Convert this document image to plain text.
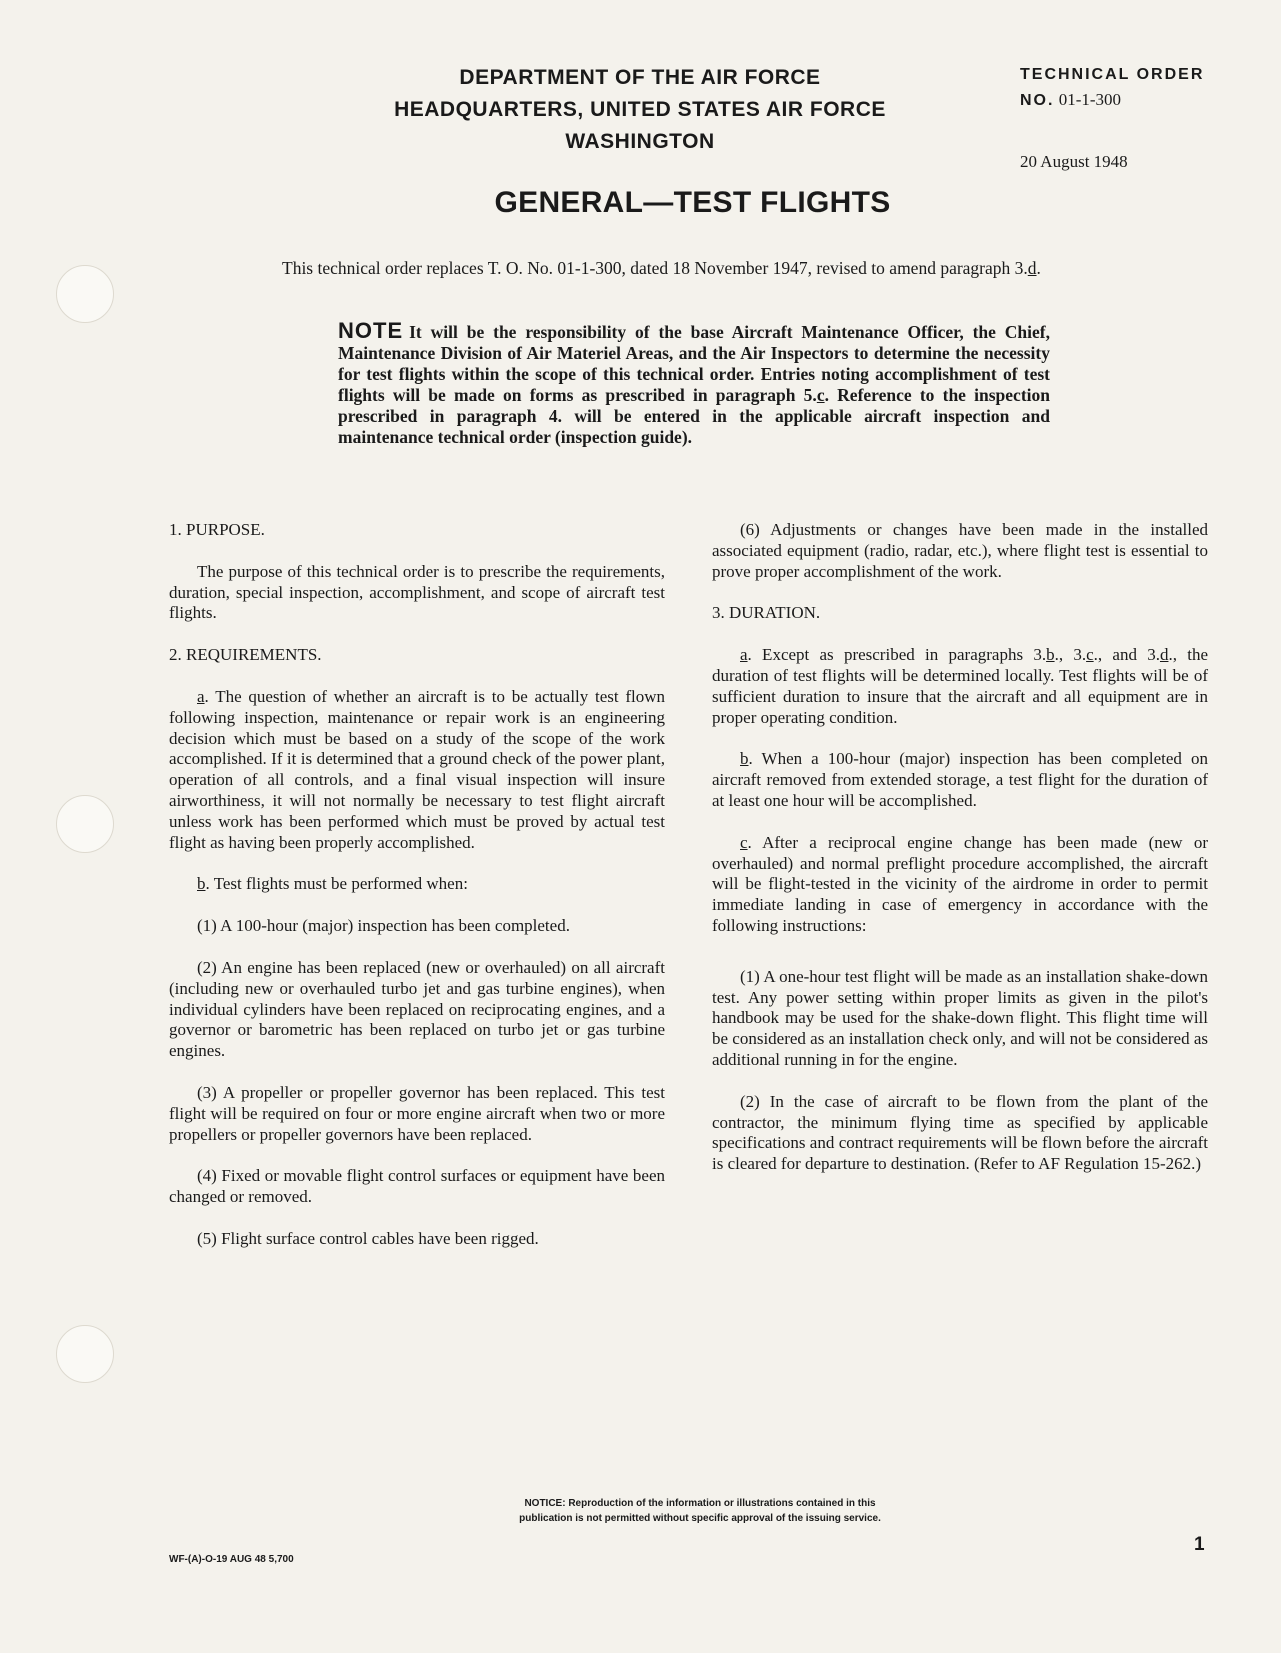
DEPARTMENT OF THE AIR FORCE

HEADQUARTERS, UNITED STATES AIR FORCE

WASHINGTON

TECHNICAL ORDER

NO. 01-1-300

20 August 1948

GENERAL—TEST FLIGHTS

This technical order replaces T. O. No. 01-1-300, dated 18 November 1947, revised to amend paragraph 3.d.

NOTE It will be the responsibility of the base Aircraft Maintenance Officer, the Chief, Maintenance Division of Air Materiel Areas, and the Air Inspectors to determine the necessity for test flights within the scope of this technical order. Entries noting accomplishment of test flights will be made on forms as prescribed in paragraph 5.c. Reference to the inspection prescribed in paragraph 4. will be entered in the applicable aircraft inspection and maintenance technical order (inspection guide).

1. PURPOSE.

The purpose of this technical order is to prescribe the requirements, duration, special inspection, accomplishment, and scope of aircraft test flights.

2. REQUIREMENTS.

a. The question of whether an aircraft is to be actually test flown following inspection, maintenance or repair work is an engineering decision which must be based on a study of the scope of the work accomplished. If it is determined that a ground check of the power plant, operation of all controls, and a final visual inspection will insure airworthiness, it will not normally be necessary to test flight aircraft unless work has been performed which must be proved by actual test flight as having been properly accomplished.

b. Test flights must be performed when:

(1) A 100-hour (major) inspection has been completed.

(2) An engine has been replaced (new or overhauled) on all aircraft (including new or overhauled turbo jet and gas turbine engines), when individual cylinders have been replaced on reciprocating engines, and a governor or barometric has been replaced on turbo jet or gas turbine engines.

(3) A propeller or propeller governor has been replaced. This test flight will be required on four or more engine aircraft when two or more propellers or propeller governors have been replaced.

(4) Fixed or movable flight control surfaces or equipment have been changed or removed.

(5) Flight surface control cables have been rigged.

(6) Adjustments or changes have been made in the installed associated equipment (radio, radar, etc.), where flight test is essential to prove proper accomplishment of the work.

3. DURATION.

a. Except as prescribed in paragraphs 3.b., 3.c., and 3.d., the duration of test flights will be determined locally. Test flights will be of sufficient duration to insure that the aircraft and all equipment are in proper operating condition.

b. When a 100-hour (major) inspection has been completed on aircraft removed from extended storage, a test flight for the duration of at least one hour will be accomplished.

c. After a reciprocal engine change has been made (new or overhauled) and normal preflight procedure accomplished, the aircraft will be flight-tested in the vicinity of the airdrome in order to permit immediate landing in case of emergency in accordance with the following instructions:

(1) A one-hour test flight will be made as an installation shake-down test. Any power setting within proper limits as given in the pilot's handbook may be used for the shake-down flight. This flight time will be considered as an installation check only, and will not be considered as additional running in for the engine.

(2) In the case of aircraft to be flown from the plant of the contractor, the minimum flying time as specified by applicable specifications and contract requirements will be flown before the aircraft is cleared for departure to destination. (Refer to AF Regulation 15-262.)

NOTICE: Reproduction of the information or illustrations contained in this
publication is not permitted without specific approval of the issuing service.

WF-(A)-O-19 AUG 48 5,700

1
